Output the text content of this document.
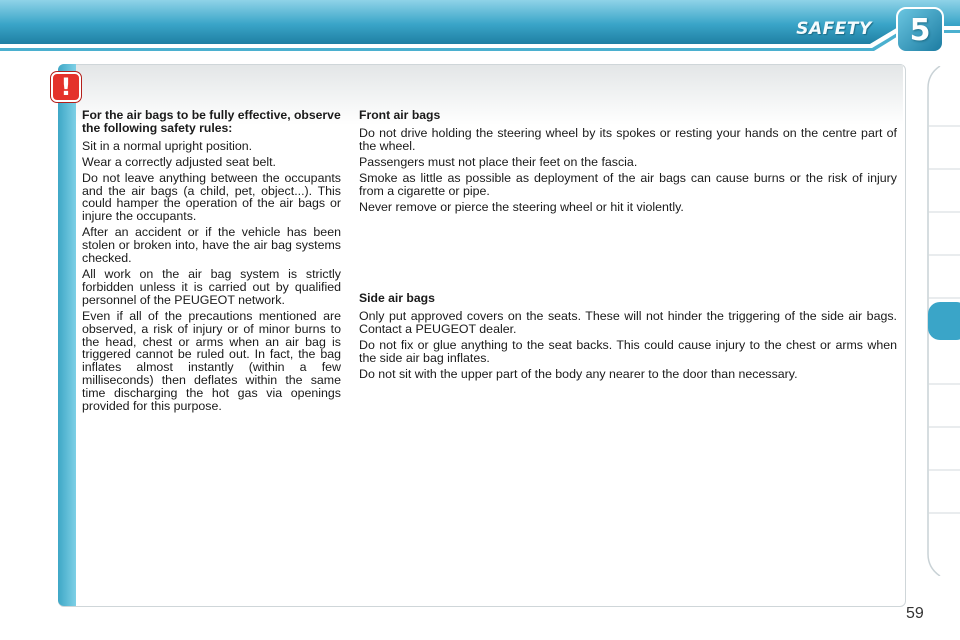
SAFETY 5
!
For the air bags to be fully effective, observe the following safety rules:

Sit in a normal upright position.

Wear a correctly adjusted seat belt.

Do not leave anything between the occupants and the air bags (a child, pet, object...). This could hamper the operation of the air bags or injure the occupants.

After an accident or if the vehicle has been stolen or broken into, have the air bag systems checked.

All work on the air bag system is strictly forbidden unless it is carried out by qualified personnel of the PEUGEOT network.

Even if all of the precautions mentioned are observed, a risk of injury or of minor burns to the head, chest or arms when an air bag is triggered cannot be ruled out. In fact, the bag inflates almost instantly (within a few milliseconds) then deflates within the same time discharging the hot gas via openings provided for this purpose.

Front air bags

Do not drive holding the steering wheel by its spokes or resting your hands on the centre part of the wheel.

Passengers must not place their feet on the fascia.

Smoke as little as possible as deployment of the air bags can cause burns or the risk of injury from a cigarette or pipe.

Never remove or pierce the steering wheel or hit it violently.

Side air bags

Only put approved covers on the seats. These will not hinder the triggering of the side air bags. Contact a PEUGEOT dealer.

Do not fix or glue anything to the seat backs. This could cause injury to the chest or arms when the side air bag inflates.

Do not sit with the upper part of the body any nearer to the door than necessary.

59
